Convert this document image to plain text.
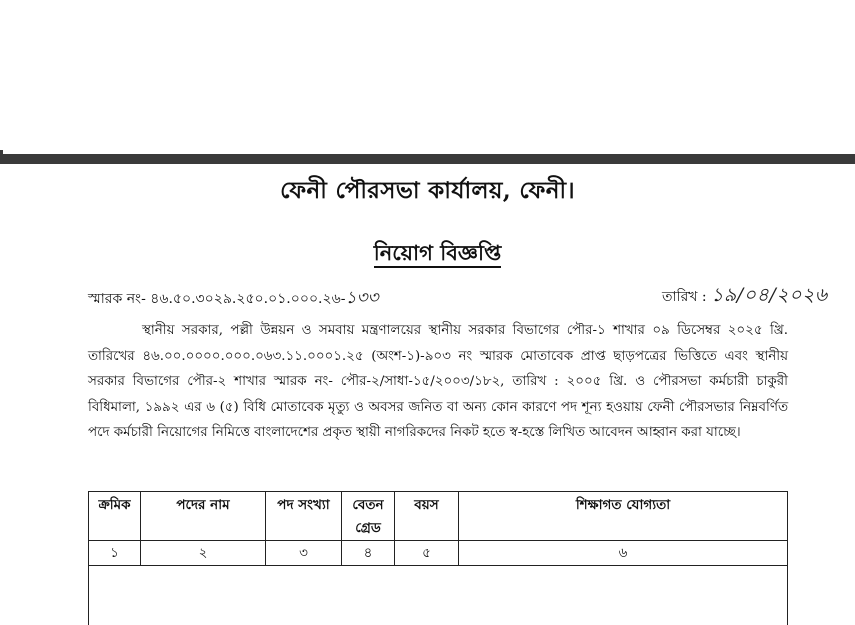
ফেনী পৌরসভা কার্যালয়, ফেনী।
নিয়োগ বিজ্ঞপ্তি
স্মারক নং- ৪৬.৫০.৩০২৯.২৫০.০১.০০০.২৬-১৩৩	তারিখ : ১৯/০৪/২০২৬
স্থানীয় সরকার, পল্লী উন্নয়ন ও সমবায় মন্ত্রণালয়ের স্থানীয় সরকার বিভাগের পৌর-১ শাখার ০৯ ডিসেম্বর ২০২৫ খ্রি. তারিখের ৪৬.০০.০০০০.০০০.০৬৩.১১.০০০১.২৫ (অংশ-১)-৯০৩ নং স্মারক মোতাবেক প্রাপ্ত ছাড়পত্রের ভিত্তিতে এবং স্থানীয় সরকার বিভাগের পৌর-২ শাখার স্মারক নং- পৌর-২/সাধা-১৫/২০০৩/১৮২, তারিখ : ২০০৫ খ্রি. ও পৌরসভা কর্মচারী চাকুরী বিধিমালা, ১৯৯২ এর ৬ (৫) বিধি মোতাবেক মৃত্যু ও অবসর জনিত বা অন্য কোন কারণে পদ শূন্য হওয়ায় ফেনী পৌরসভার নিম্নবর্ণিত পদে কর্মচারী নিয়োগের নিমিত্তে বাংলাদেশের প্রকৃত স্থায়ী নাগরিকদের নিকট হতে স্ব-হস্তে লিখিত আবেদন আহ্বান করা যাচ্ছে।
ক্রমিক	পদের নাম	পদ সংখ্যা	বেতন গ্রেড	বয়স	শিক্ষাগত যোগ্যতা
১	২	৩	৪	৫	৬
